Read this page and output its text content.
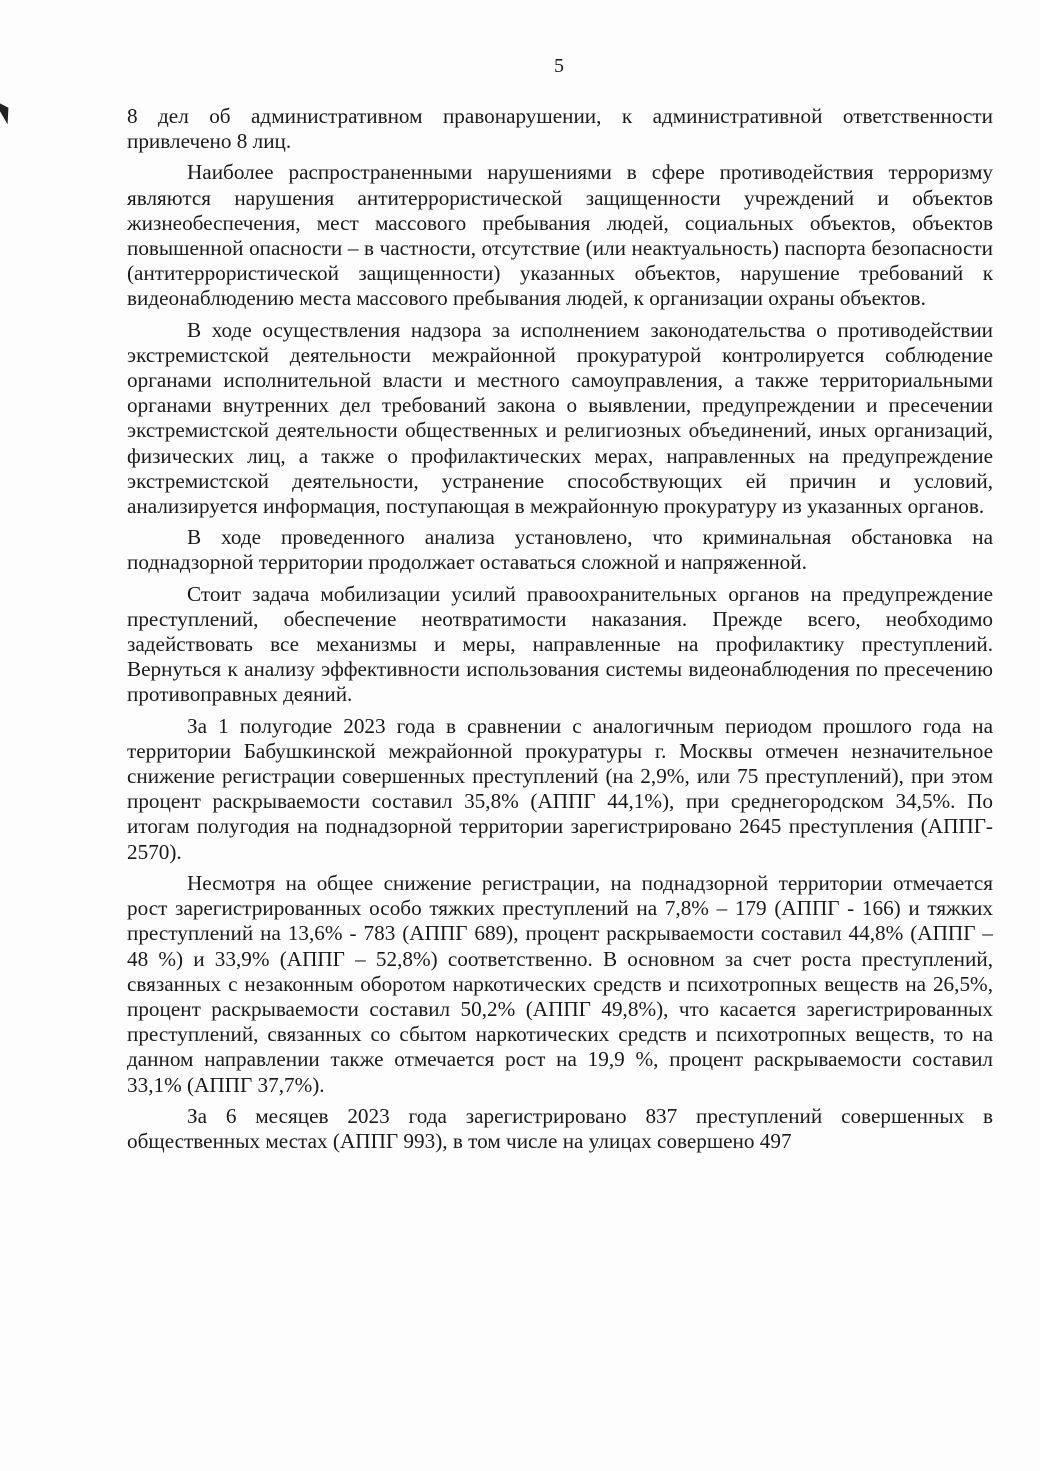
5

8 дел об административном правонарушении, к административной ответственности привлечено 8 лиц.

Наиболее распространенными нарушениями в сфере противодействия терроризму являются нарушения антитеррористической защищенности учреждений и объектов жизнеобеспечения, мест массового пребывания людей, социальных объектов, объектов повышенной опасности – в частности, отсутствие (или неактуальность) паспорта безопасности (антитеррористической защищенности) указанных объектов, нарушение требований к видеонаблюдению места массового пребывания людей, к организации охраны объектов.

В ходе осуществления надзора за исполнением законодательства о противодействии экстремистской деятельности межрайонной прокуратурой контролируется соблюдение органами исполнительной власти и местного самоуправления, а также территориальными органами внутренних дел требований закона о выявлении, предупреждении и пресечении экстремистской деятельности общественных и религиозных объединений, иных организаций, физических лиц, а также о профилактических мерах, направленных на предупреждение экстремистской деятельности, устранение способствующих ей причин и условий, анализируется информация, поступающая в межрайонную прокуратуру из указанных органов.

В ходе проведенного анализа установлено, что криминальная обстановка на поднадзорной территории продолжает оставаться сложной и напряженной.

Стоит задача мобилизации усилий правоохранительных органов на предупреждение преступлений, обеспечение неотвратимости наказания. Прежде всего, необходимо задействовать все механизмы и меры, направленные на профилактику преступлений. Вернуться к анализу эффективности использования системы видеонаблюдения по пресечению противоправных деяний.

За 1 полугодие 2023 года в сравнении с аналогичным периодом прошлого года на территории Бабушкинской межрайонной прокуратуры г. Москвы отмечен незначительное снижение регистрации совершенных преступлений (на 2,9%, или 75 преступлений), при этом процент раскрываемости составил 35,8% (АППГ 44,1%), при среднегородском 34,5%. По итогам полугодия на поднадзорной территории зарегистрировано 2645 преступления (АППГ- 2570).

Несмотря на общее снижение регистрации, на поднадзорной территории отмечается рост зарегистрированных особо тяжких преступлений на 7,8% – 179 (АППГ - 166) и тяжких преступлений на 13,6% - 783 (АППГ 689), процент раскрываемости составил 44,8% (АППГ – 48 %) и 33,9% (АППГ – 52,8%) соответственно. В основном за счет роста преступлений, связанных с незаконным оборотом наркотических средств и психотропных веществ на 26,5%, процент раскрываемости составил 50,2% (АППГ 49,8%), что касается зарегистрированных преступлений, связанных со сбытом наркотических средств и психотропных веществ, то на данном направлении также отмечается рост на 19,9 %, процент раскрываемости составил 33,1% (АППГ 37,7%).

За 6 месяцев 2023 года зарегистрировано 837 преступлений совершенных в общественных местах (АППГ 993), в том числе на улицах совершено 497
